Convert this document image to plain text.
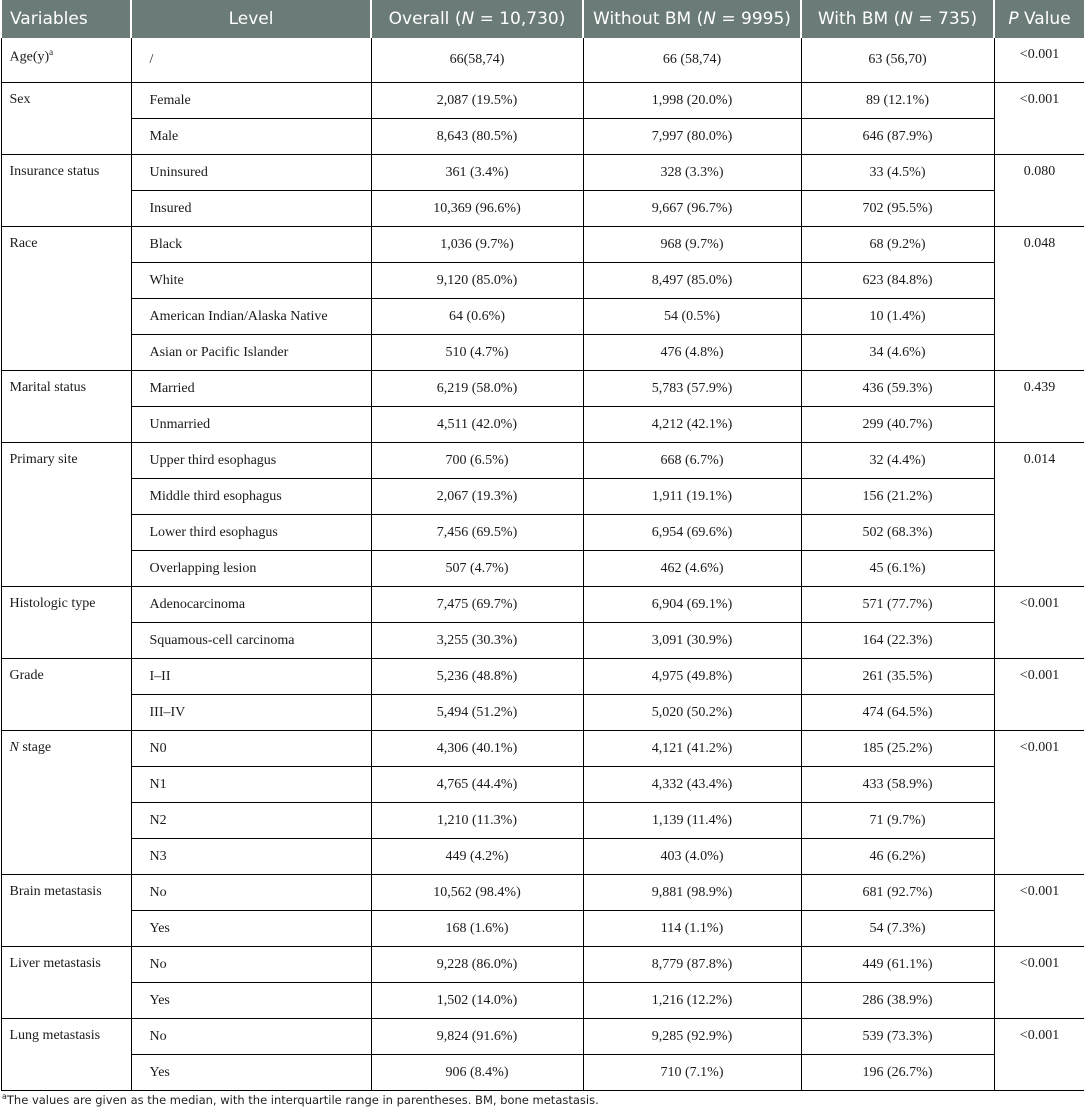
Variables	Level	Overall (N = 10,730)	Without BM (N = 9995)	With BM (N = 735)	P Value
$Age(y)^a$	/	66(58,74)	66 (58,74)	63 (56,70)	<0.001
Sex	Female	2,087 (19.5%)	1,998 (20.0%)	89 (12.1%)	<0.001
	Male	8,643 (80.5%)	7,997 (80.0%)	646 (87.9%)	
Insurance status	Uninsured	361 (3.4%)	328 (3.3%)	33 (4.5%)	0.080
	Insured	10,369 (96.6%)	9,667 (96.7%)	702 (95.5%)	
Race	Black	1,036 (9.7%)	968 (9.7%)	68 (9.2%)	0.048
	White	9,120 (85.0%)	8,497 (85.0%)	623 (84.8%)	
	American Indian/Alaska Native	64 (0.6%)	54 (0.5%)	10 (1.4%)	
	Asian or Pacific Islander	510 (4.7%)	476 (4.8%)	34 (4.6%)	
Marital status	Married	6,219 (58.0%)	5,783 (57.9%)	436 (59.3%)	0.439
	Unmarried	4,511 (42.0%)	4,212 (42.1%)	299 (40.7%)	
Primary site	Upper third esophagus	700 (6.5%)	668 (6.7%)	32 (4.4%)	0.014
	Middle third esophagus	2,067 (19.3%)	1,911 (19.1%)	156 (21.2%)	
	Lower third esophagus	7,456 (69.5%)	6,954 (69.6%)	502 (68.3%)	
	Overlapping lesion	507 (4.7%)	462 (4.6%)	45 (6.1%)	
Histologic type	Adenocarcinoma	7,475 (69.7%)	6,904 (69.1%)	571 (77.7%)	<0.001
	Squamous-cell carcinoma	3,255 (30.3%)	3,091 (30.9%)	164 (22.3%)	
Grade	I–II	5,236 (48.8%)	4,975 (49.8%)	261 (35.5%)	<0.001
	III–IV	5,494 (51.2%)	5,020 (50.2%)	474 (64.5%)	
N stage	N0	4,306 (40.1%)	4,121 (41.2%)	185 (25.2%)	<0.001
	N1	4,765 (44.4%)	4,332 (43.4%)	433 (58.9%)	
	N2	1,210 (11.3%)	1,139 (11.4%)	71 (9.7%)	
	N3	449 (4.2%)	403 (4.0%)	46 (6.2%)	
Brain metastasis	No	10,562 (98.4%)	9,881 (98.9%)	681 (92.7%)	<0.001
	Yes	168 (1.6%)	114 (1.1%)	54 (7.3%)	
Liver metastasis	No	9,228 (86.0%)	8,779 (87.8%)	449 (61.1%)	<0.001
	Yes	1,502 (14.0%)	1,216 (12.2%)	286 (38.9%)	
Lung metastasis	No	9,824 (91.6%)	9,285 (92.9%)	539 (73.3%)	<0.001
	Yes	906 (8.4%)	710 (7.1%)	196 (26.7%)	
$^a$The values are given as the median, with the interquartile range in parentheses. BM, bone metastasis.
